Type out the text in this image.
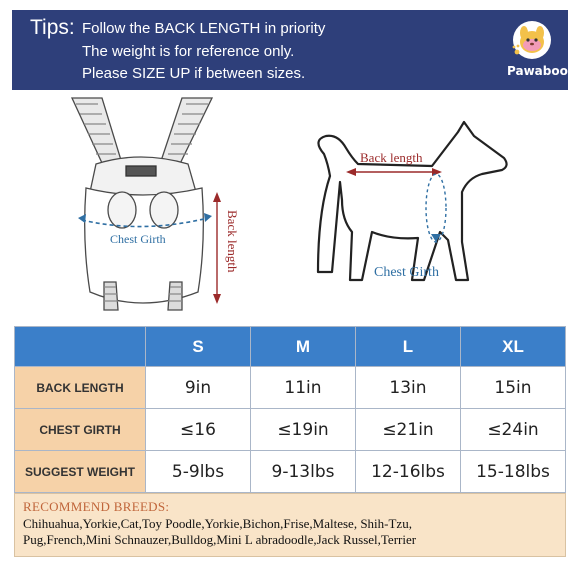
Tips: Follow the BACK LENGTH in priority
The weight is for reference only.
Please SIZE UP if between sizes.	Pawaboo
Chest Girth	Back length
Back length
Chest Girth
	S	M	L	XL
BACK LENGTH	9in	11in	13in	15in
CHEST GIRTH	≤16	≤19in	≤21in	≤24in
SUGGEST WEIGHT	5-9lbs	9-13lbs	12-16lbs	15-18lbs
RECOMMEND BREEDS:
Chihuahua,Yorkie,Cat,Toy Poodle,Yorkie,Bichon,Frise,Maltese, Shih-Tzu,
Pug,French,Mini Schnauzer,Bulldog,Mini L abradoodle,Jack Russel,Terrier
